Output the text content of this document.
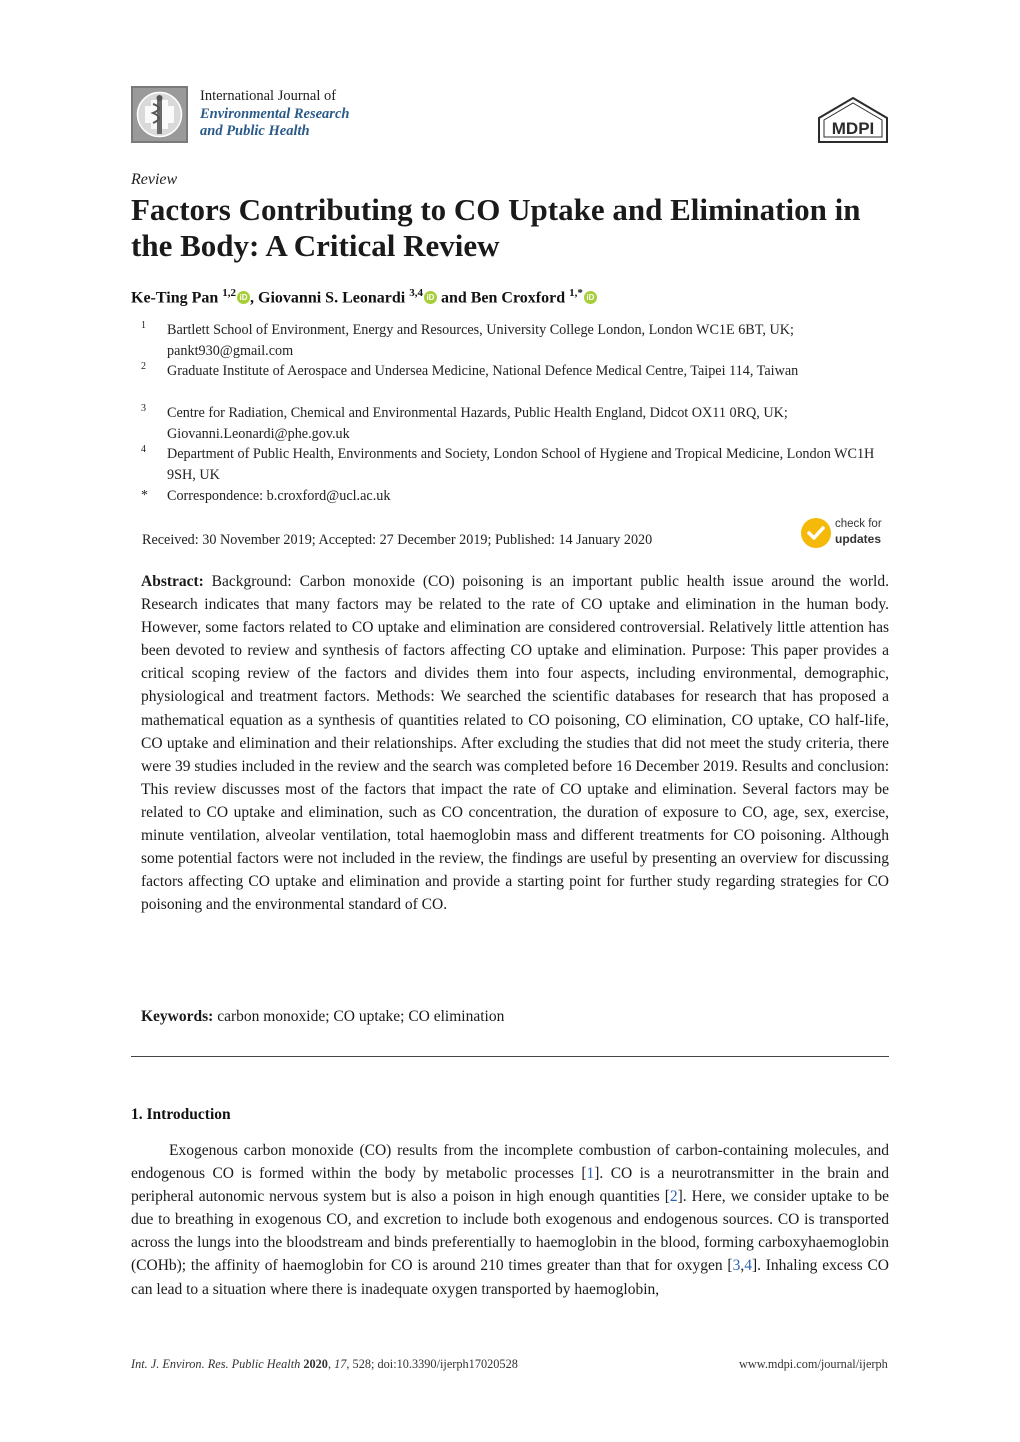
International Journal of
Environmental Research
and Public Health	MDPI
Review
Factors Contributing to CO Uptake and Elimination in the Body: A Critical Review
Ke-Ting Pan $^{1,2}$ iD , Giovanni S. Leonardi $^{3,4}$ iD and Ben Croxford $^{1,*}$ iD
1 Bartlett School of Environment, Energy and Resources, University College London, London WC1E 6BT, UK; pankt930@gmail.com
2 Graduate Institute of Aerospace and Undersea Medicine, National Defence Medical Centre, Taipei 114, Taiwan
3 Centre for Radiation, Chemical and Environmental Hazards, Public Health England, Didcot OX11 0RQ, UK; Giovanni.Leonardi@phe.gov.uk
4 Department of Public Health, Environments and Society, London School of Hygiene and Tropical Medicine, London WC1H 9SH, UK
* Correspondence: b.croxford@ucl.ac.uk
Received: 30 November 2019; Accepted: 27 December 2019; Published: 14 January 2020
check for
updates
Abstract: Background: Carbon monoxide (CO) poisoning is an important public health issue around the world. Research indicates that many factors may be related to the rate of CO uptake and elimination in the human body. However, some factors related to CO uptake and elimination are considered controversial. Relatively little attention has been devoted to review and synthesis of factors affecting CO uptake and elimination. Purpose: This paper provides a critical scoping review of the factors and divides them into four aspects, including environmental, demographic, physiological and treatment factors. Methods: We searched the scientific databases for research that has proposed a mathematical equation as a synthesis of quantities related to CO poisoning, CO elimination, CO uptake, CO half-life, CO uptake and elimination and their relationships. After excluding the studies that did not meet the study criteria, there were 39 studies included in the review and the search was completed before 16 December 2019. Results and conclusion: This review discusses most of the factors that impact the rate of CO uptake and elimination. Several factors may be related to CO uptake and elimination, such as CO concentration, the duration of exposure to CO, age, sex, exercise, minute ventilation, alveolar ventilation, total haemoglobin mass and different treatments for CO poisoning. Although some potential factors were not included in the review, the findings are useful by presenting an overview for discussing factors affecting CO uptake and elimination and provide a starting point for further study regarding strategies for CO poisoning and the environmental standard of CO.
Keywords: carbon monoxide; CO uptake; CO elimination
1. Introduction
Exogenous carbon monoxide (CO) results from the incomplete combustion of carbon-containing molecules, and endogenous CO is formed within the body by metabolic processes [1]. CO is a neurotransmitter in the brain and peripheral autonomic nervous system but is also a poison in high enough quantities [2]. Here, we consider uptake to be due to breathing in exogenous CO, and excretion to include both exogenous and endogenous sources. CO is transported across the lungs into the bloodstream and binds preferentially to haemoglobin in the blood, forming carboxyhaemoglobin (COHb); the affinity of haemoglobin for CO is around 210 times greater than that for oxygen [3,4]. Inhaling excess CO can lead to a situation where there is inadequate oxygen transported by haemoglobin,
Int. J. Environ. Res. Public Health 2020, 17, 528; doi:10.3390/ijerph17020528	www.mdpi.com/journal/ijerph
